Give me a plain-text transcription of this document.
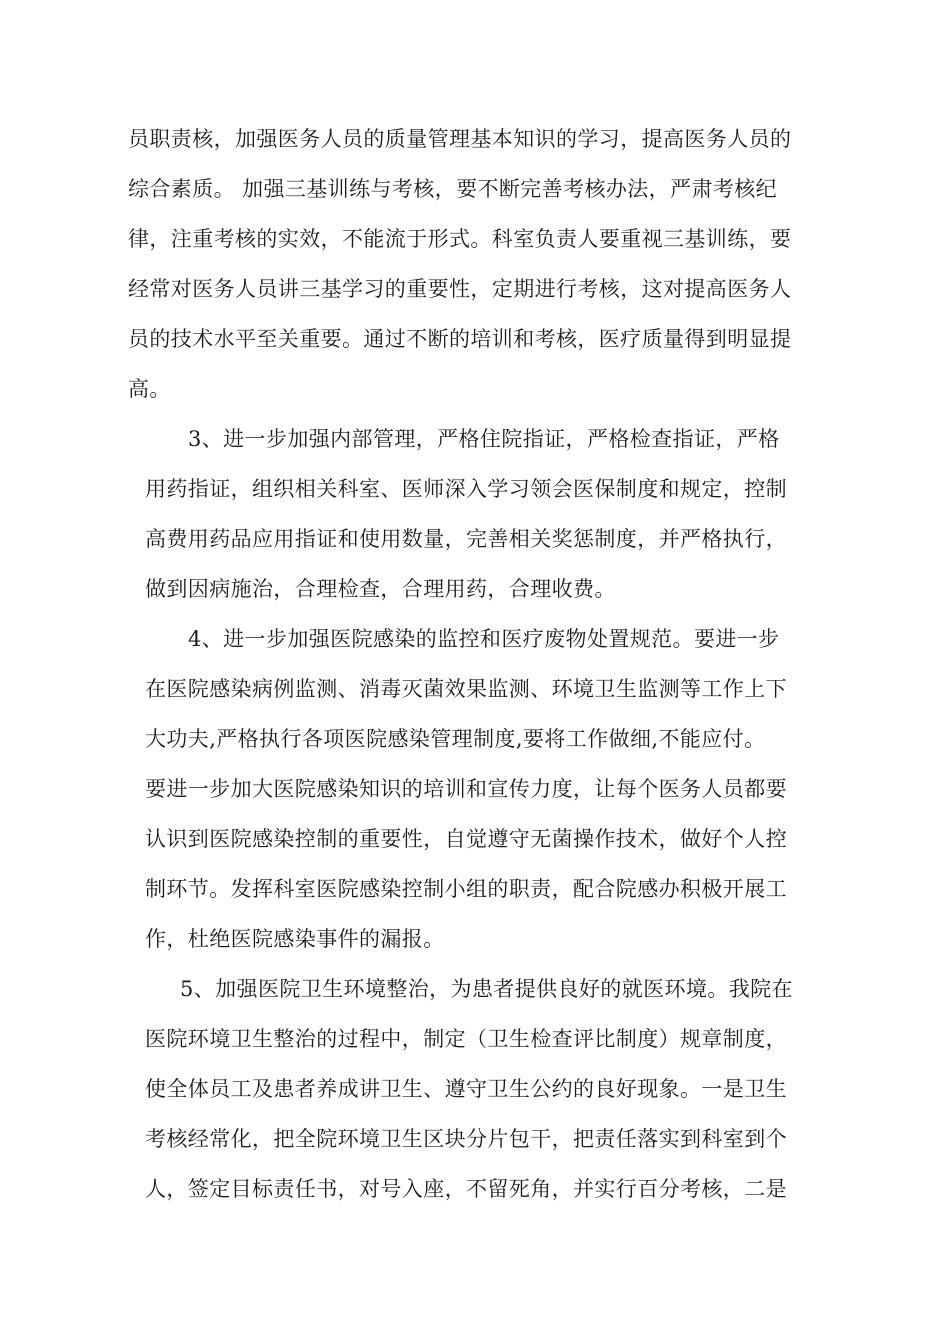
员职责核，加强医务人员的质量管理基本知识的学习，提高医务人员的
综合素质。 加强三基训练与考核，要不断完善考核办法，严肃考核纪
律，注重考核的实效，不能流于形式。科室负责人要重视三基训练，要
经常对医务人员讲三基学习的重要性，定期进行考核，这对提高医务人
员的技术水平至关重要。通过不断的培训和考核，医疗质量得到明显提
高。
3、进一步加强内部管理，严格住院指证，严格检查指证，严格
用药指证，组织相关科室、医师深入学习领会医保制度和规定，控制
高费用药品应用指证和使用数量，完善相关奖惩制度，并严格执行，
做到因病施治，合理检查，合理用药，合理收费。
4、进一步加强医院感染的监控和医疗废物处置规范。要进一步
在医院感染病例监测、消毒灭菌效果监测、环境卫生监测等工作上下
大功夫,严格执行各项医院感染管理制度,要将工作做细,不能应付。
要进一步加大医院感染知识的培训和宣传力度，让每个医务人员都要
认识到医院感染控制的重要性，自觉遵守无菌操作技术，做好个人控
制环节。发挥科室医院感染控制小组的职责，配合院感办积极开展工
作，杜绝医院感染事件的漏报。
5、加强医院卫生环境整治，为患者提供良好的就医环境。我院在
医院环境卫生整治的过程中，制定（卫生检查评比制度）规章制度，
使全体员工及患者养成讲卫生、遵守卫生公约的良好现象。一是卫生
考核经常化，把全院环境卫生区块分片包干，把责任落实到科室到个
人，签定目标责任书，对号入座，不留死角，并实行百分考核，二是
